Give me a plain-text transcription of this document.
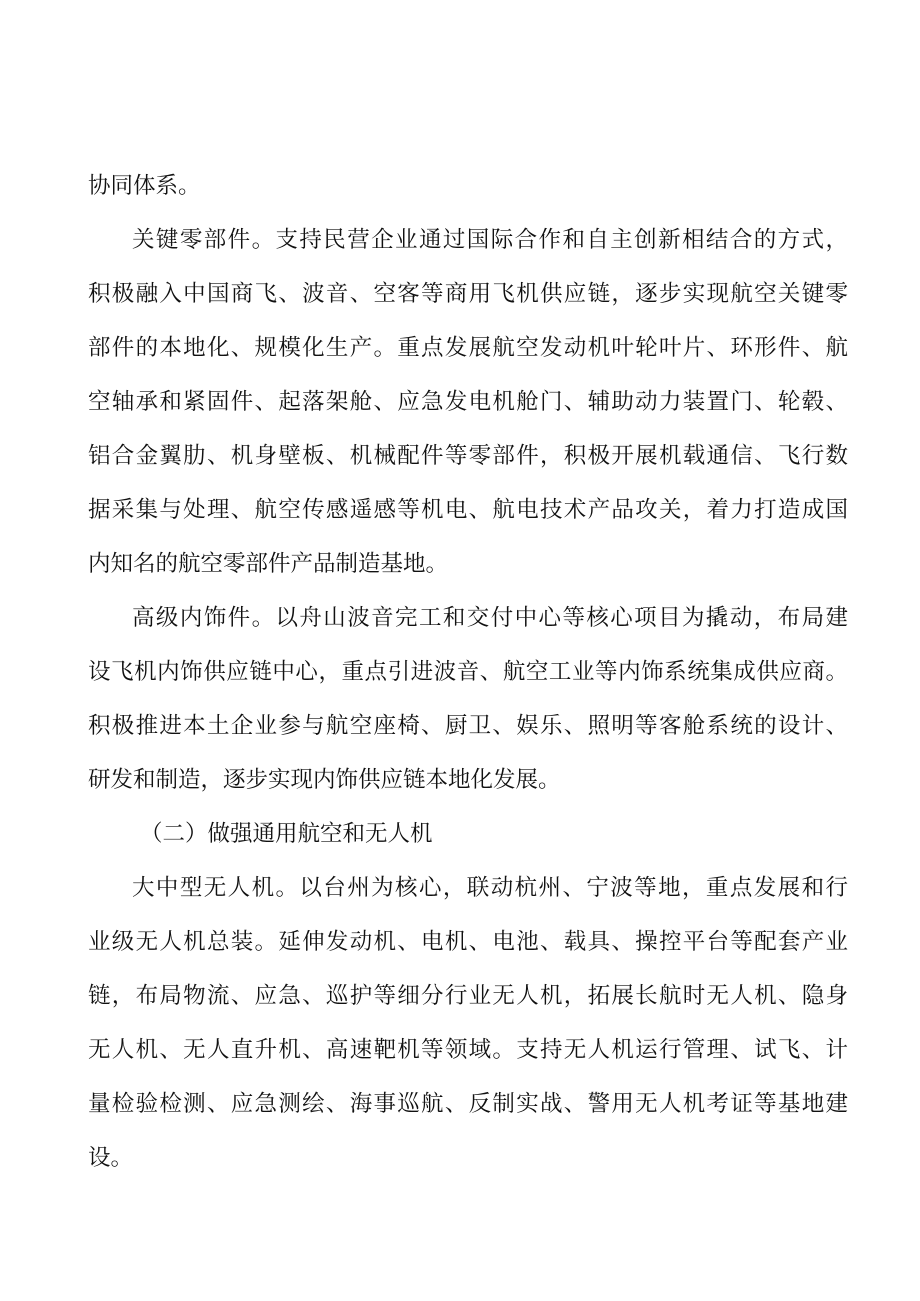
协同体系。
关键零部件。支持民营企业通过国际合作和自主创新相结合的方式，
积极融入中国商飞、波音、空客等商用飞机供应链，逐步实现航空关键零
部件的本地化、规模化生产。重点发展航空发动机叶轮叶片、环形件、航
空轴承和紧固件、起落架舱、应急发电机舱门、辅助动力装置门、轮毂、
铝合金翼肋、机身壁板、机械配件等零部件，积极开展机载通信、飞行数
据采集与处理、航空传感遥感等机电、航电技术产品攻关，着力打造成国
内知名的航空零部件产品制造基地。
高级内饰件。以舟山波音完工和交付中心等核心项目为撬动，布局建
设飞机内饰供应链中心，重点引进波音、航空工业等内饰系统集成供应商。
积极推进本土企业参与航空座椅、厨卫、娱乐、照明等客舱系统的设计、
研发和制造，逐步实现内饰供应链本地化发展。
（二）做强通用航空和无人机
大中型无人机。以台州为核心，联动杭州、宁波等地，重点发展和行
业级无人机总装。延伸发动机、电机、电池、载具、操控平台等配套产业
链，布局物流、应急、巡护等细分行业无人机，拓展长航时无人机、隐身
无人机、无人直升机、高速靶机等领域。支持无人机运行管理、试飞、计
量检验检测、应急测绘、海事巡航、反制实战、警用无人机考证等基地建
设。
